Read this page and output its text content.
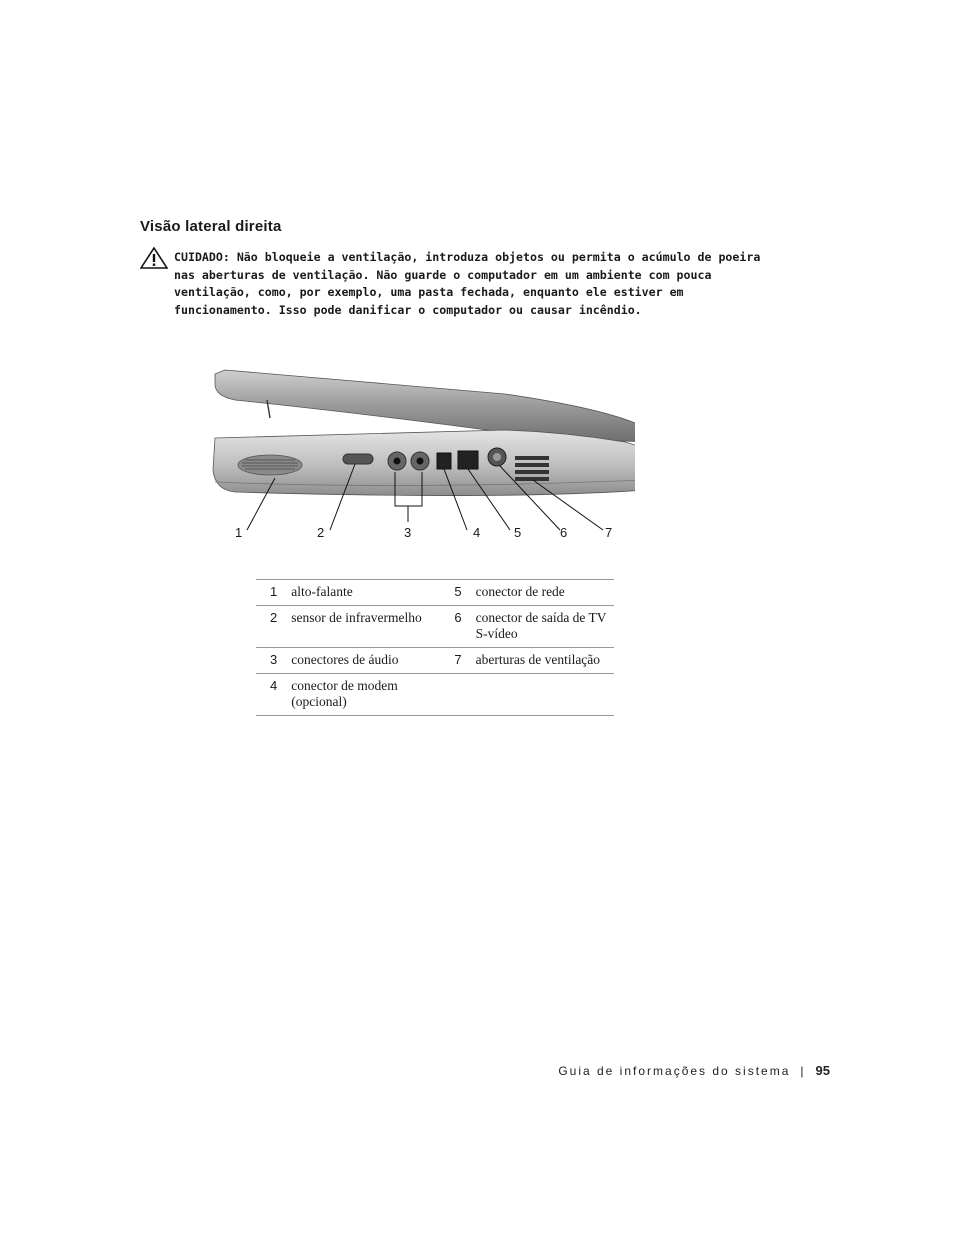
Visão lateral direita
CUIDADO: Não bloqueie a ventilação, introduza objetos ou permita o acúmulo de poeira nas aberturas de ventilação. Não guarde o computador em um ambiente com pouca ventilação, como, por exemplo, uma pasta fechada, enquanto ele estiver em funcionamento. Isso pode danificar o computador ou causar incêndio.
1	2	3	4	5	6	7
1	alto-falante	5	conector de rede
2	sensor de infravermelho	6	conector de saída de TV S-vídeo
3	conectores de áudio	7	aberturas de ventilação
4	conector de modem (opcional)		
Guia de informações do sistema | 95
